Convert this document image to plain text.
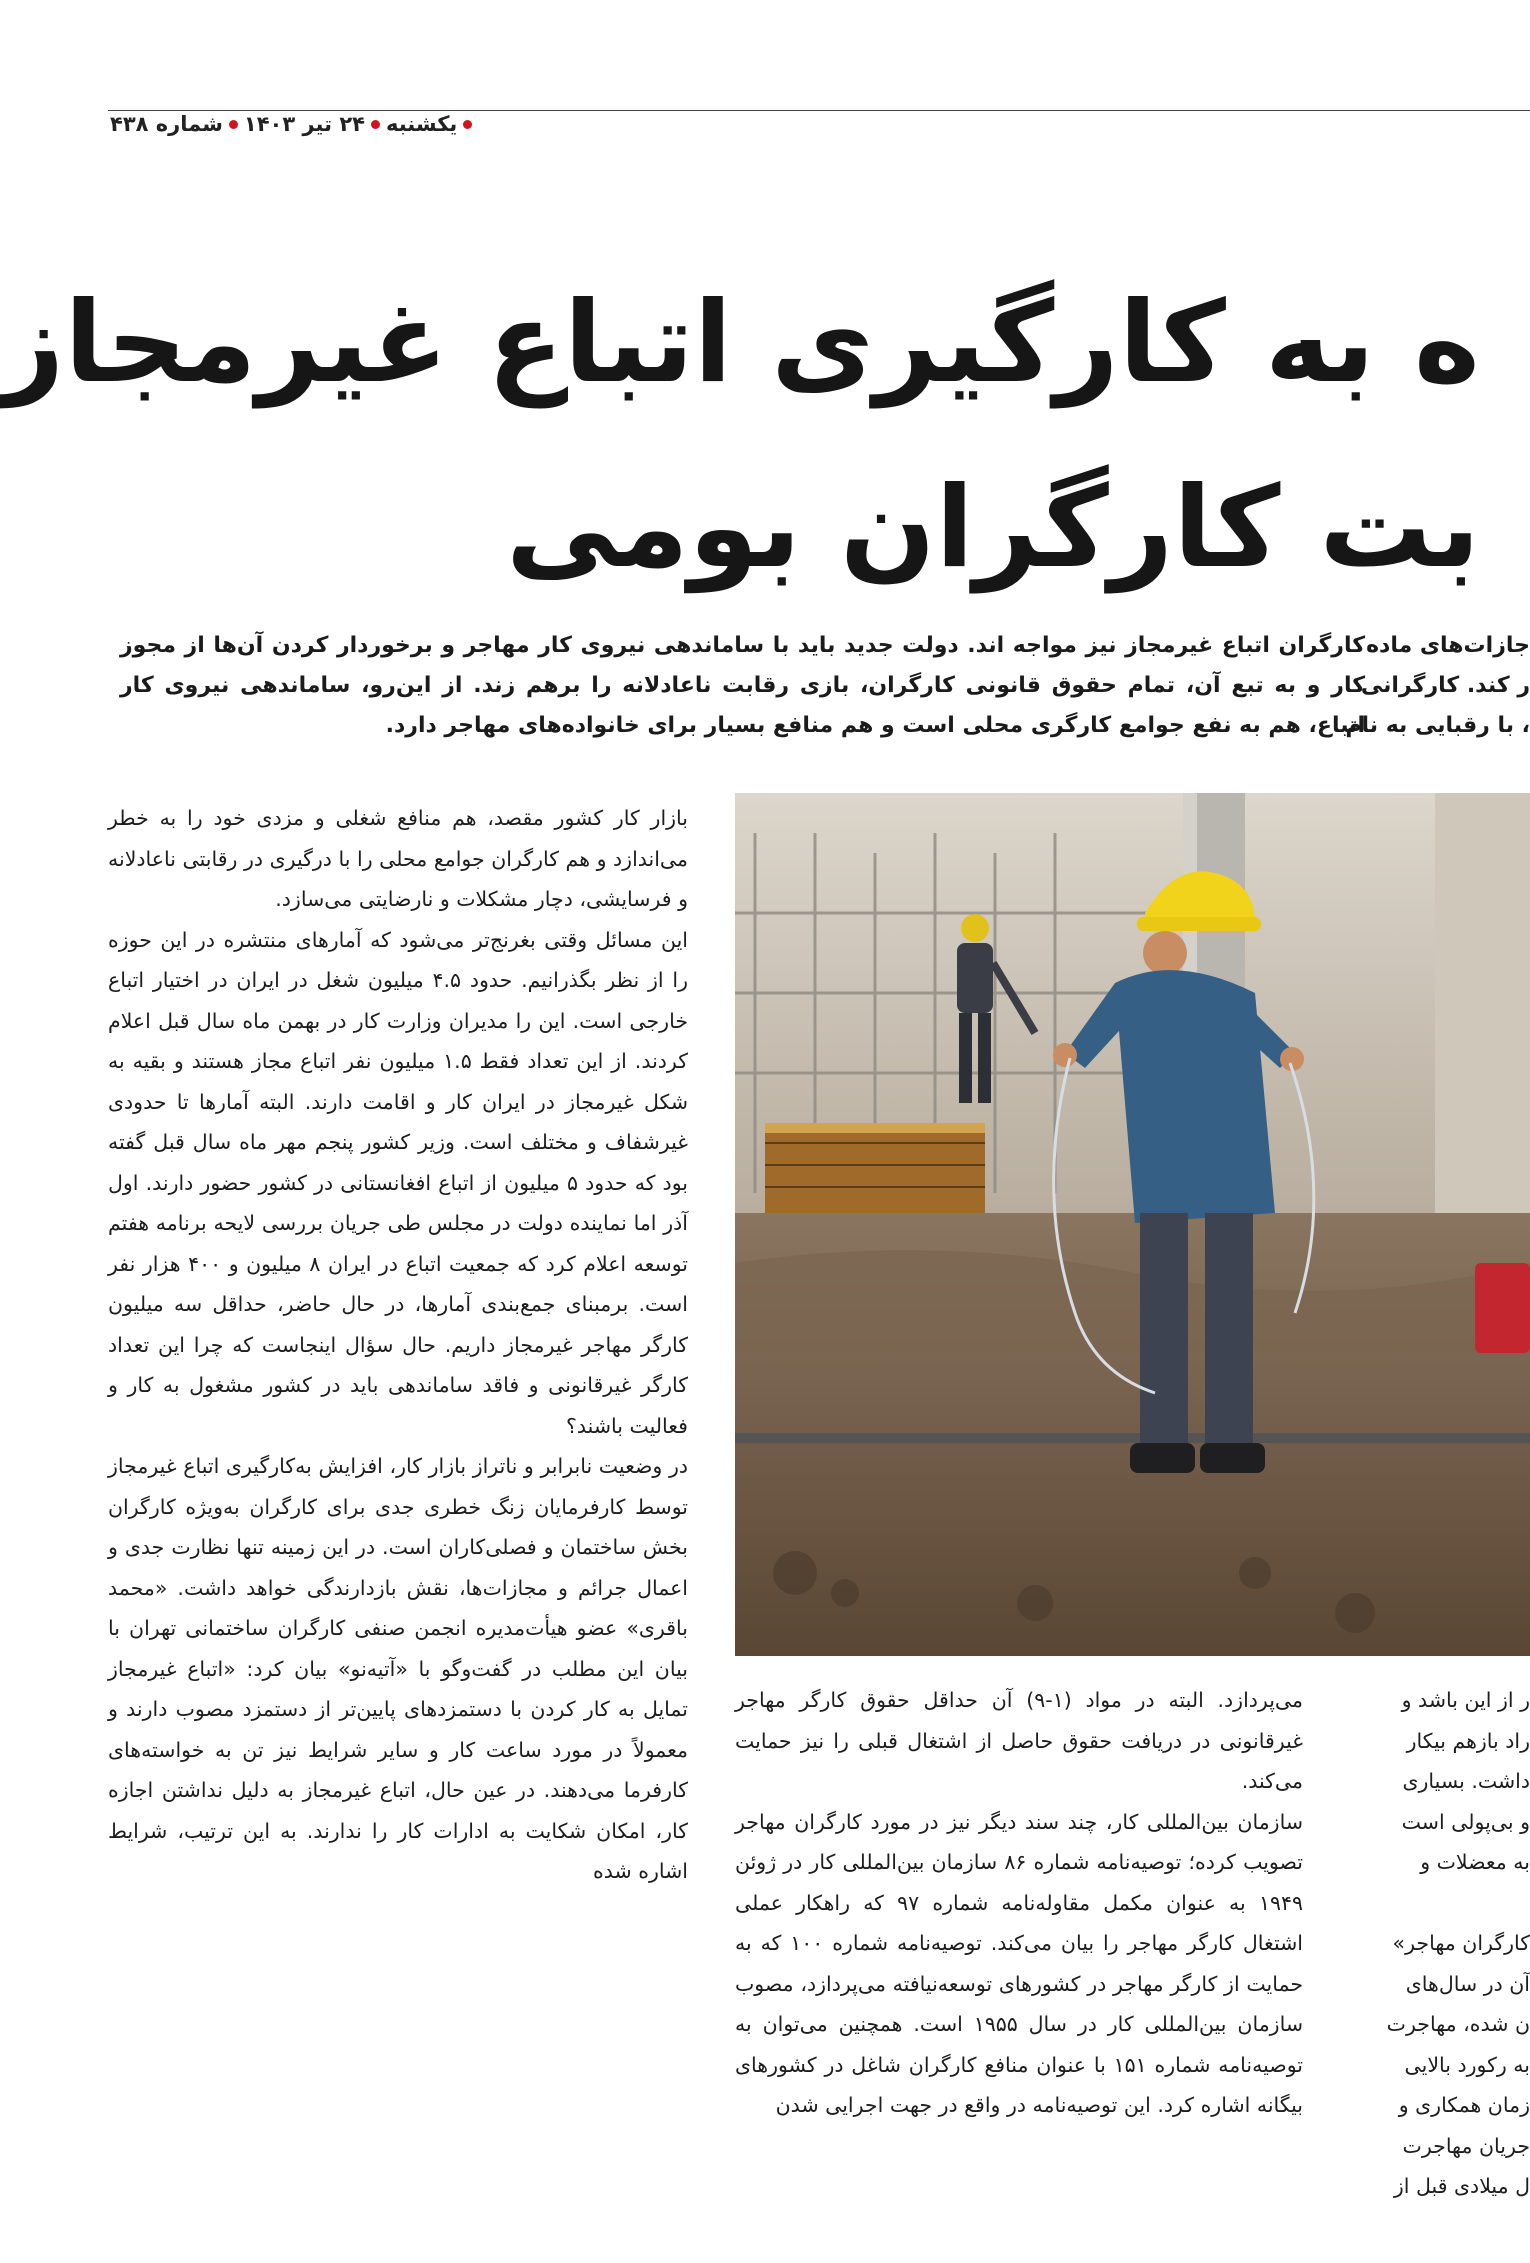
یکشنبه
۲۴ تیر ۱۴۰۳
شماره ۴۳۸
ه به کارگیری اتباع غیرمجاز
بت کارگران بومی
کارگران اتباع غیرمجاز نیز مواجه اند. دولت جدید باید با ساماندهی نیروی کار مهاجر و برخوردار کردن آن‌ها از مجوز کار و به تبع آن، تمام حقوق قانونی کارگران، بازی رقابت ناعادلانه را برهم زند. از این‌رو، ساماندهی نیروی کار اتباع، هم به نفع جوامع کارگری محلی است و هم منافع بسیار برای خانواده‌های مهاجر دارد.
جازات‌های ماده
ر کند. کارگرانی
، با رقبایی به نام

بازار کار کشور مقصد، هم منافع شغلی و مزدی خود را به خطر می‌اندازد و هم کارگران جوامع محلی را با درگیری در رقابتی ناعادلانه و فرسایشی، دچار مشکلات و نارضایتی می‌سازد.

این مسائل وقتی بغرنج‌تر می‌شود که آمارهای منتشره در این حوزه را از نظر بگذرانیم. حدود ۴.۵ میلیون شغل در ایران در اختیار اتباع خارجی است. این را مدیران وزارت کار در بهمن ماه سال قبل اعلام کردند. از این تعداد فقط ۱.۵ میلیون نفر اتباع مجاز هستند و بقیه به شکل غیرمجاز در ایران کار و اقامت دارند. البته آمارها تا حدودی غیرشفاف و مختلف است. وزیر کشور پنجم مهر ماه سال قبل گفته بود که حدود ۵ میلیون از اتباع افغانستانی در کشور حضور دارند. اول آذر اما نماینده دولت در مجلس طی جریان بررسی لایحه برنامه هفتم توسعه اعلام کرد که جمعیت اتباع در ایران ۸ میلیون و ۴۰۰ هزار نفر است. برمبنای جمع‌بندی آمارها، در حال حاضر، حداقل سه میلیون کارگر مهاجر غیرمجاز داریم. حال سؤال اینجاست که چرا این تعداد کارگر غیرقانونی و فاقد ساماندهی باید در کشور مشغول به کار و فعالیت باشند؟

در وضعیت نابرابر و ناتراز بازار کار، افزایش به‌کارگیری اتباع غیرمجاز توسط کارفرمایان زنگ خطری جدی برای کارگران به‌ویژه کارگران بخش ساختمان و فصلی‌کاران است. در این زمینه تنها نظارت جدی و اعمال جرائم و مجازات‌ها، نقش بازدارندگی خواهد داشت. «محمد باقری» عضو هیأت‌مدیره انجمن صنفی کارگران ساختمانی تهران با بیان این مطلب در گفت‌وگو با «آتیه‌نو» بیان کرد: «اتباع غیرمجاز تمایل به کار کردن با دستمزدهای پایین‌تر از دستمزد مصوب دارند و معمولاً در مورد ساعت کار و سایر شرایط نیز تن به خواسته‌های کارفرما می‌دهند. در عین حال، اتباع غیرمجاز به دلیل نداشتن اجازه کار، امکان شکایت به ادارات کار را ندارند. به این ترتیب، شرایط اشاره شده

می‌پردازد. البته در مواد (۱-۹) آن حداقل حقوق کارگر مهاجر غیرقانونی در دریافت حقوق حاصل از اشتغال قبلی را نیز حمایت می‌کند.

سازمان بین‌المللی کار، چند سند دیگر نیز در مورد کارگران مهاجر تصویب کرده؛ توصیه‌نامه شماره ۸۶ سازمان بین‌المللی کار در ژوئن ۱۹۴۹ به عنوان مکمل مقاوله‌نامه شماره ۹۷ که راهکار عملی اشتغال کارگر مهاجر را بیان می‌کند. توصیه‌نامه شماره ۱۰۰ که به حمایت از کارگر مهاجر در کشورهای توسعه‌نیافته می‌پردازد، مصوب سازمان بین‌المللی کار در سال ۱۹۵۵ است. همچنین می‌توان به توصیه‌نامه شماره ۱۵۱ با عنوان منافع کارگران شاغل در کشورهای بیگانه اشاره کرد. این توصیه‌نامه در واقع در جهت اجرایی شدن

ر از این باشد و
راد بازهم بیکار
داشت. بسیاری
و بی‌پولی است
به معضلات و

کارگران مهاجر»
آن در سال‌های
ن شده، مهاجرت
به رکورد بالایی
زمان همکاری و
جریان مهاجرت
ل میلادی قبل از
